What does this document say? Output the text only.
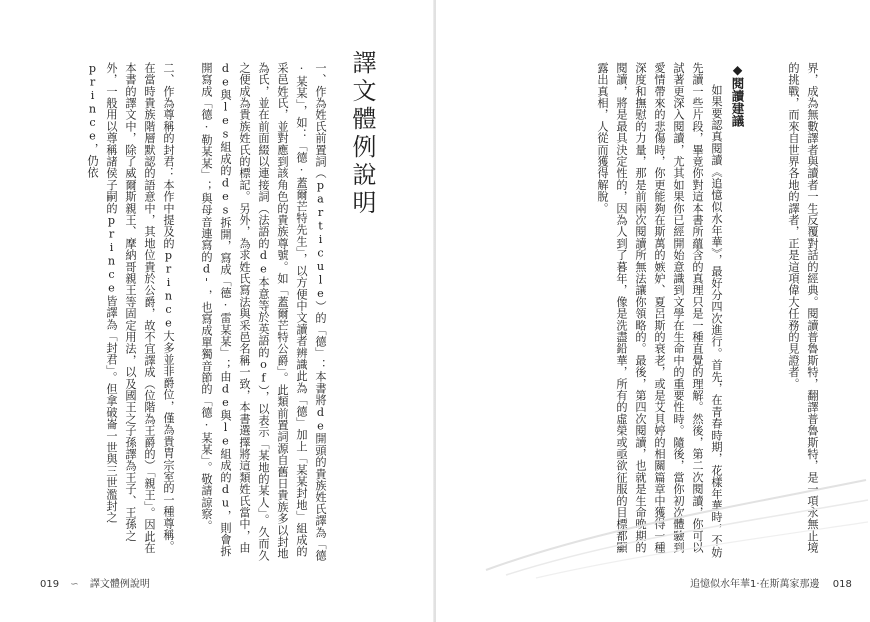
譯文體例說明

一、作為姓氏前置詞（particule）的「德」：本書將de開頭的貴族姓氏譯為「德·某某」，如：「德·蓋爾芒特先生」，以方便中文讀者辨識此為「德」加上「某某封地」組成的采邑姓氏，並對應到該角色的貴族尊號。如「蓋爾芒特公爵」。此類前置詞源自舊日貴族多以封地為氏，並在前面綴以連接詞（法語的de本意等於英語的of），以表示「某地的某人」。久而久之便成為貴族姓氏的標記。另外，為求姓氏寫法與采邑名稱一致，本書選擇將這類姓氏當中，由de與les組成的des拆開，寫成「德·雷某某」；由de與le組成的du，則會拆開寫成「德·勒某某」；與母音連寫的d'，也寫成單獨音節的「德·某某」。敬請諒察。

二、作為尊稱的封君：本作中提及的prince大多並非爵位，僅為貴胄宗室的一種尊稱。在當時貴族階層默認的語意中，其地位貴於公爵，故不宜譯成（位階為王爵的）「親王」。因此在本書的譯文中，除了威爾斯親王、摩納哥親王等固定用法，以及國王之子孫譯為王子、王孫之外，一般用以尊稱諸侯子嗣的prince皆譯為「封君」。但拿破崙一世與三世濫封之prince，仍依

019 ∽ 譯文體例說明

界，成為無數譯者與讀者一生反覆對話的經典。閱讀普魯斯特，翻譯普魯斯特，是一項永無止境的挑戰，而來自世界各地的譯者，正是這項偉大任務的見證者。

◆閱讀建議

如果要認真閱讀《追憶似水年華》，最好分四次進行。首先，在青春時期，花樣年華時，不妨先讀一些片段，畢竟你對這本書所蘊含的真理只是一種直覺的理解。然後，第二次閱讀，你可以試著更深入閱讀，尤其如果你已經開始意識到文學在生命中的重要性時。隨後，當你初次體驗到愛情帶來的悲傷時，你更能夠在斯萬的嫉妒、夏呂斯的衰老，或是艾貝婷的相關篇章中獲得一種深度和撫慰的力量，那是前兩次閱讀所無法讓你領略的。最後，第四次閱讀，也就是生命晚期的閱讀，將是最具決定性的，因為人到了暮年，像是洗盡鉛華，所有的虛榮或亟欲征服的目標都顯露出真相，人從而獲得解脫。

追憶似水年華1·在斯萬家那邊 018
